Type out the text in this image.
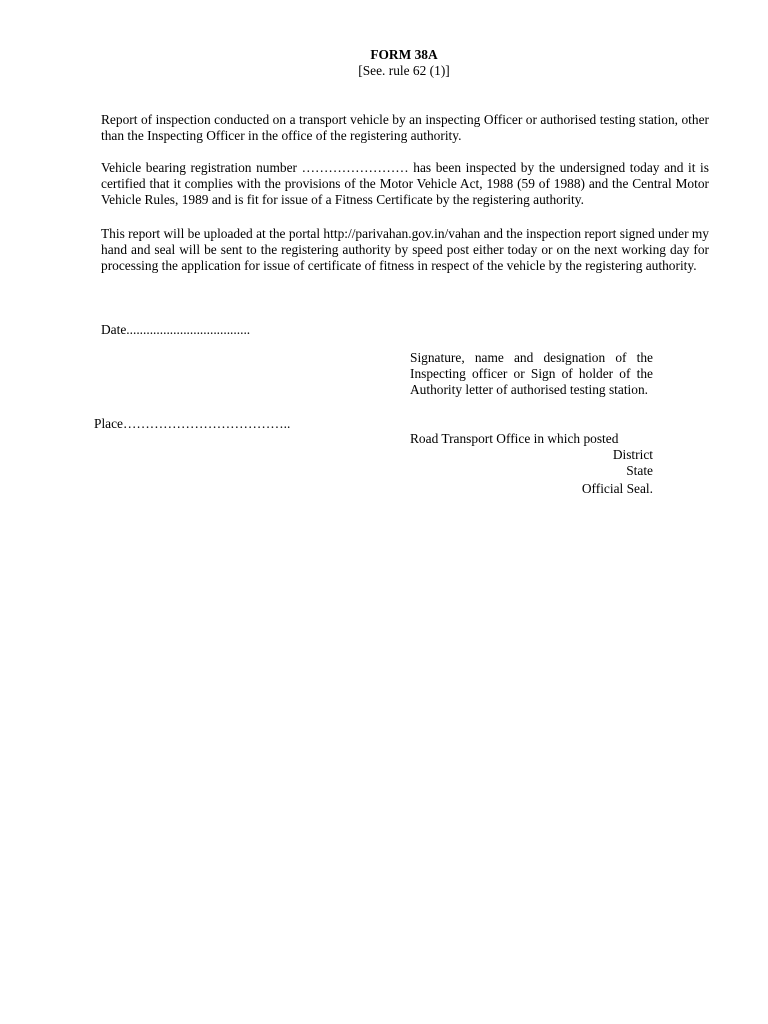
FORM 38A
[See. rule 62 (1)]

Report of inspection conducted on a transport vehicle by an inspecting Officer or authorised testing station, other than the Inspecting Officer in the office of the registering authority.

Vehicle bearing registration number …………………… has been inspected by the undersigned today and it is certified that it complies with the provisions of the Motor Vehicle Act, 1988 (59 of 1988) and the Central Motor Vehicle Rules, 1989 and is fit for issue of a Fitness Certificate by the registering authority.

This report will be uploaded at the portal http://parivahan.gov.in/vahan and the inspection report signed under my hand and seal will be sent to the registering authority by speed post either today or on the next working day for processing the application for issue of certificate of fitness in respect of the vehicle by the registering authority.

Date.....................................
Signature, name and designation of the Inspecting officer or Sign of holder of the Authority letter of authorised testing station.
Place………………………………..
Road Transport Office in which posted
District
State
Official Seal.
